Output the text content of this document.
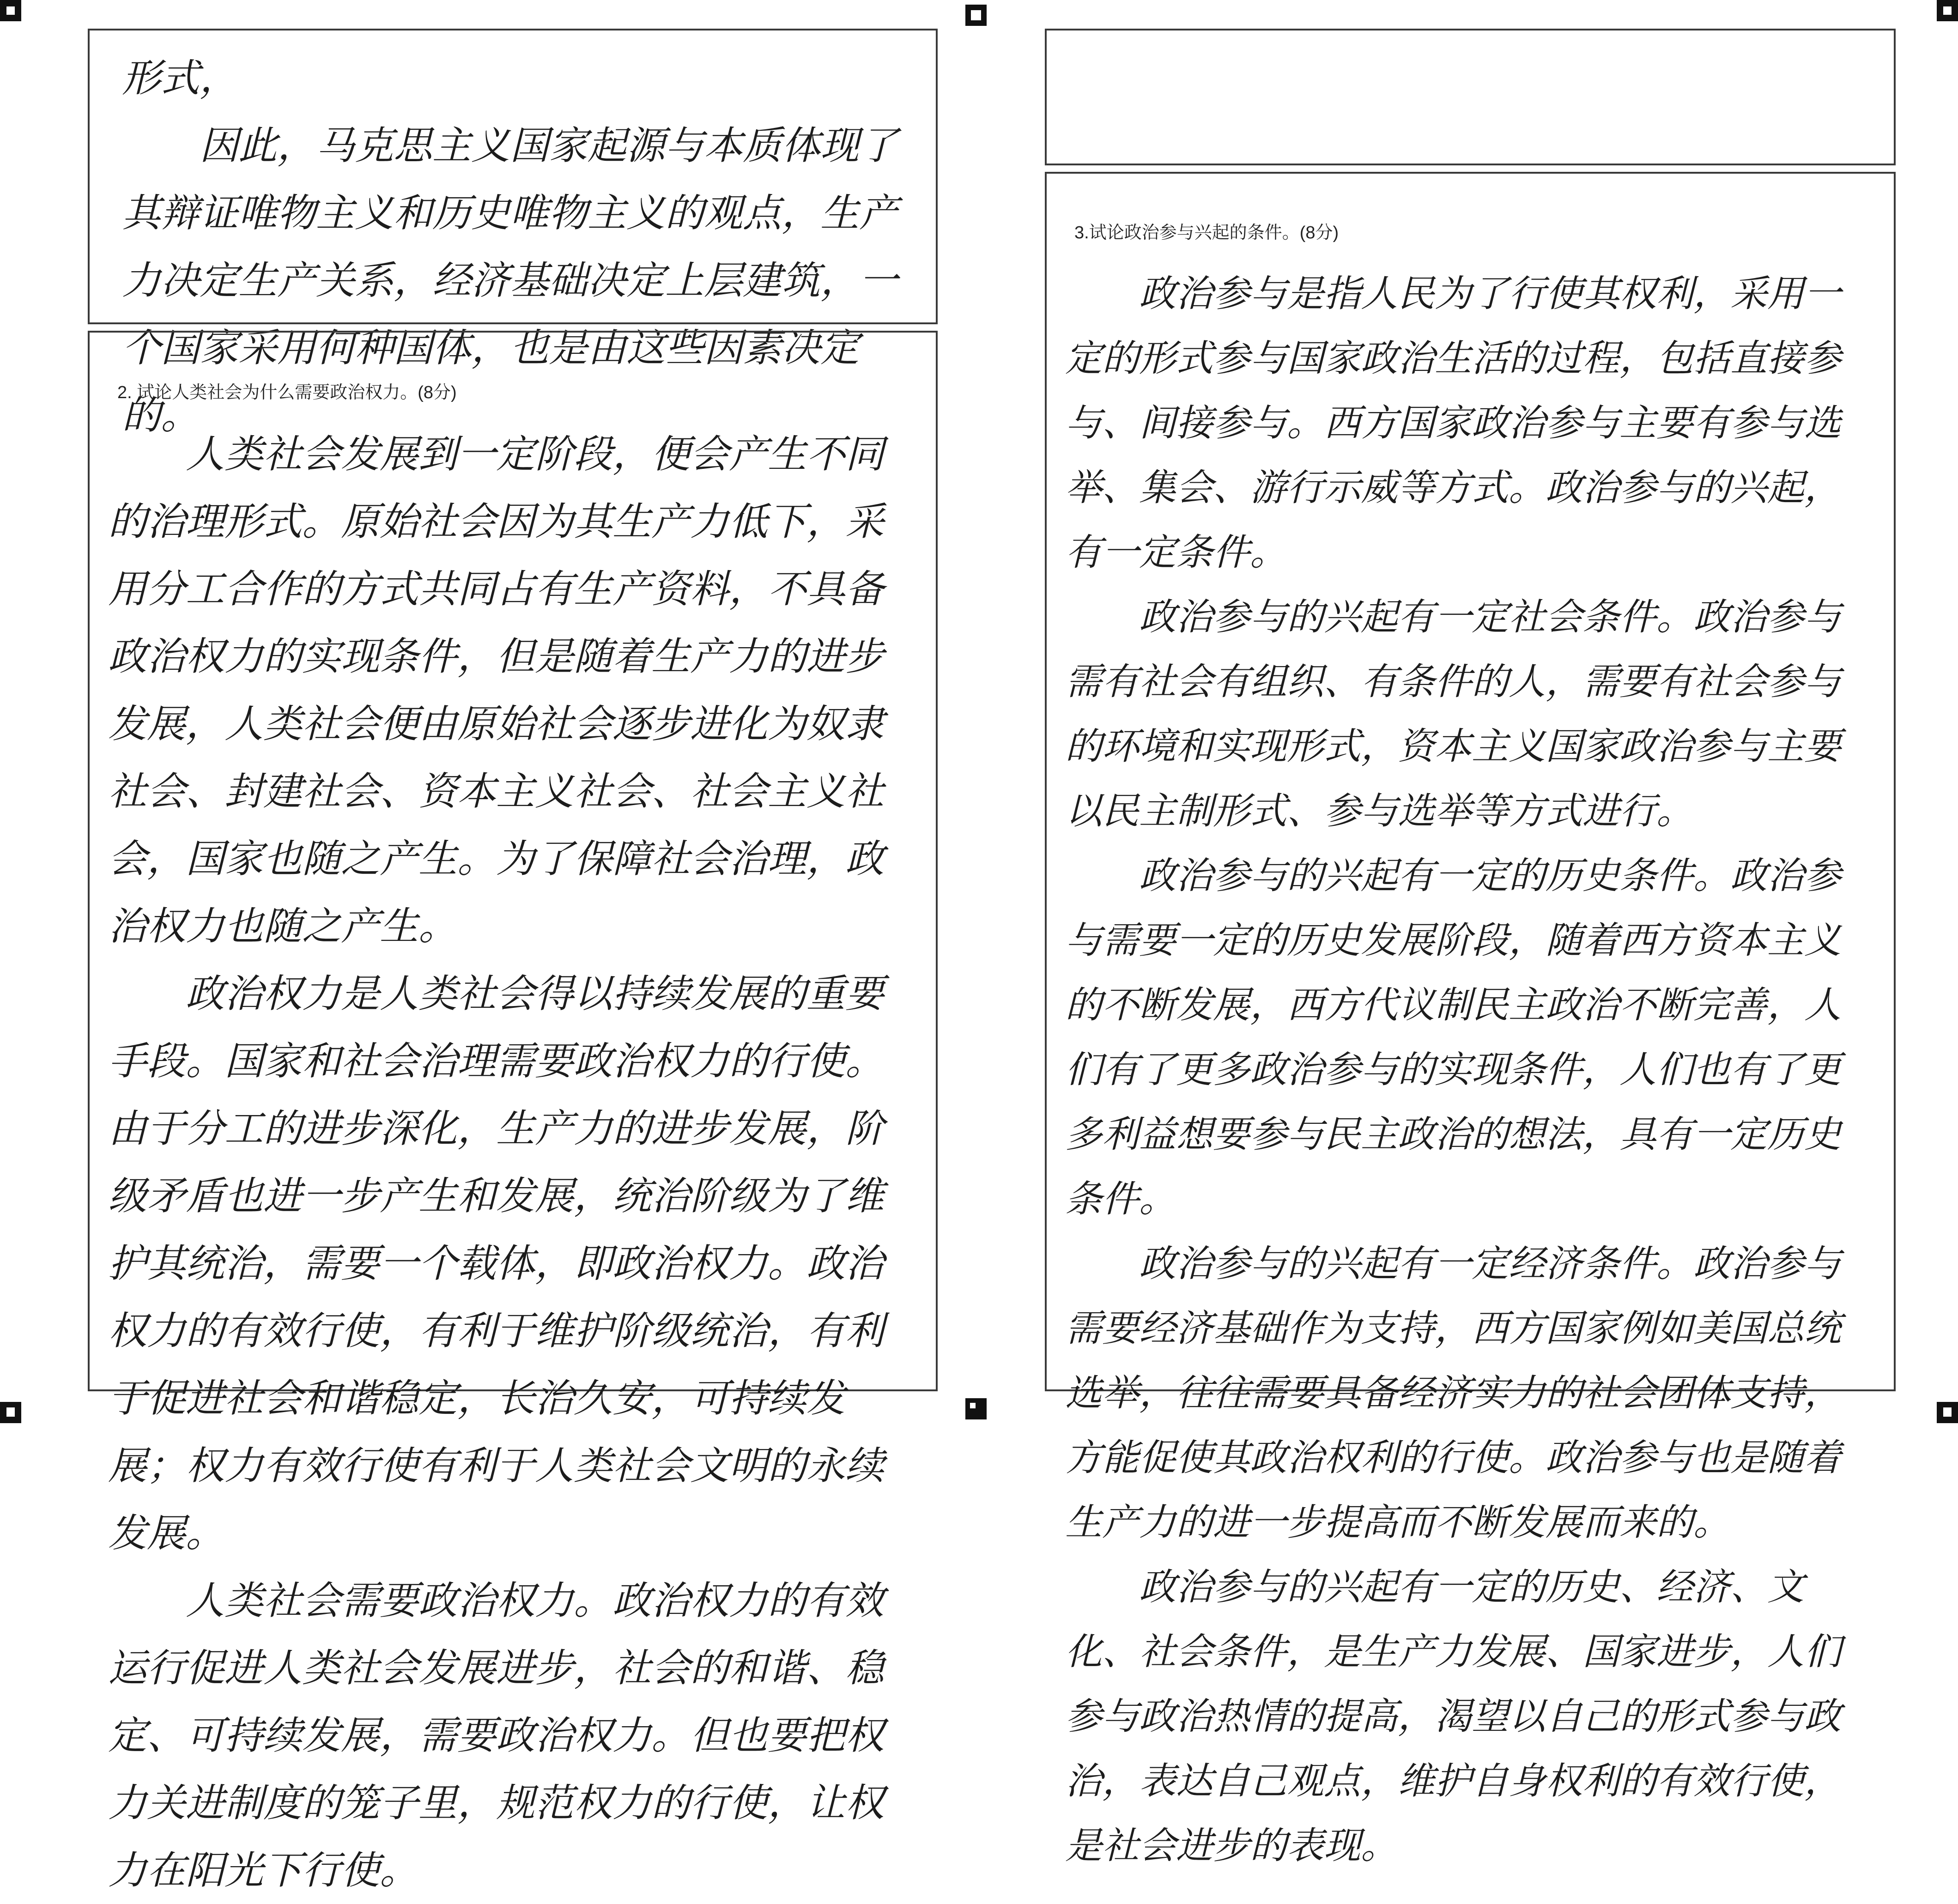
形式，

因此，马克思主义国家起源与本质体现了其辩证唯物主义和历史唯物主义的观点，生产力决定生产关系，经济基础决定上层建筑，一个国家采用何种国体，也是由这些因素决定的。

2. 试论人类社会为什么需要政治权力。(8分)

人类社会发展到一定阶段，便会产生不同的治理形式。原始社会因为其生产力低下，采用分工合作的方式共同占有生产资料，不具备政治权力的实现条件，但是随着生产力的进步发展，人类社会便由原始社会逐步进化为奴隶社会、封建社会、资本主义社会、社会主义社会，国家也随之产生。为了保障社会治理，政治权力也随之产生。

政治权力是人类社会得以持续发展的重要手段。国家和社会治理需要政治权力的行使。由于分工的进步深化，生产力的进步发展，阶级矛盾也进一步产生和发展，统治阶级为了维护其统治，需要一个载体，即政治权力。政治权力的有效行使，有利于维护阶级统治，有利于促进社会和谐稳定，长治久安，可持续发展；权力有效行使有利于人类社会文明的永续发展。

人类社会需要政治权力。政治权力的有效运行促进人类社会发展进步，社会的和谐、稳定、可持续发展，需要政治权力。但也要把权力关进制度的笼子里，规范权力的行使，让权力在阳光下行使。

3.试论政治参与兴起的条件。(8分)

政治参与是指人民为了行使其权利，采用一定的形式参与国家政治生活的过程，包括直接参与、间接参与。西方国家政治参与主要有参与选举、集会、游行示威等方式。政治参与的兴起，有一定条件。

政治参与的兴起有一定社会条件。政治参与需有社会有组织、有条件的人，需要有社会参与的环境和实现形式，资本主义国家政治参与主要以民主制形式、参与选举等方式进行。

政治参与的兴起有一定的历史条件。政治参与需要一定的历史发展阶段，随着西方资本主义的不断发展，西方代议制民主政治不断完善，人们有了更多政治参与的实现条件，人们也有了更多利益想要参与民主政治的想法，具有一定历史条件。

政治参与的兴起有一定经济条件。政治参与需要经济基础作为支持，西方国家例如美国总统选举，往往需要具备经济实力的社会团体支持，方能促使其政治权利的行使。政治参与也是随着生产力的进一步提高而不断发展而来的。

政治参与的兴起有一定的历史、经济、文化、社会条件，是生产力发展、国家进步，人们参与政治热情的提高，渴望以自己的形式参与政治，表达自己观点，维护自身权利的有效行使，是社会进步的表现。
